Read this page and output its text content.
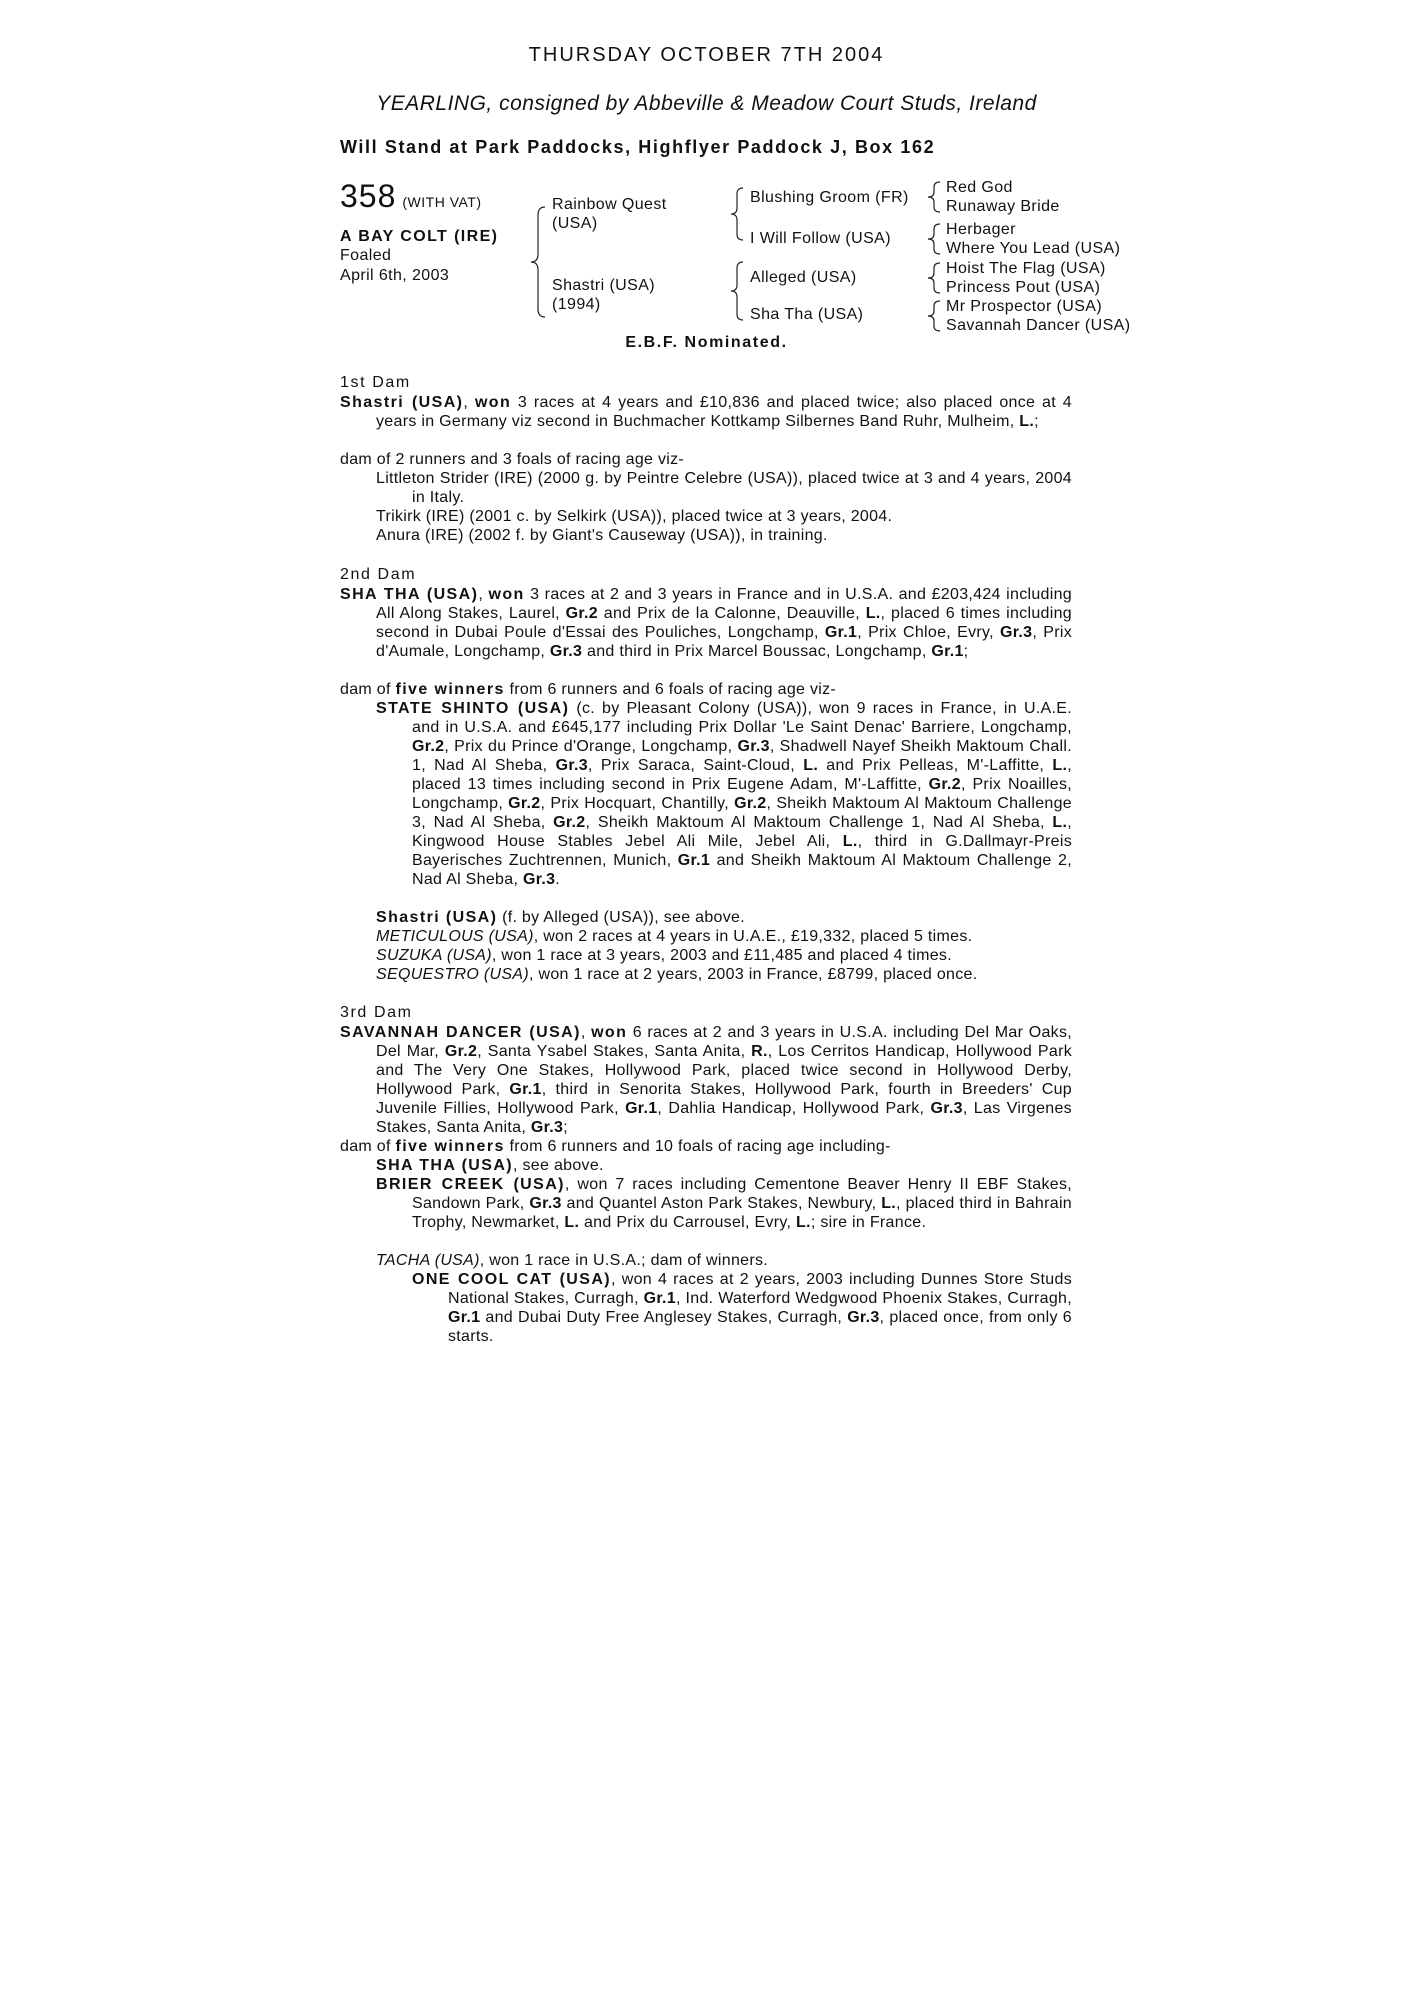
THURSDAY OCTOBER 7TH 2004
YEARLING, consigned by Abbeville & Meadow Court Studs, Ireland
Will Stand at Park Paddocks, Highflyer Paddock J, Box 162
358 (WITH VAT)
A BAY COLT (IRE)
Foaled
April 6th, 2003
Rainbow Quest
(USA)
Shastri (USA)
(1994)
Blushing Groom (FR)
I Will Follow (USA)
Alleged (USA)
Sha Tha (USA)
Red God
Runaway Bride
Herbager
Where You Lead (USA)
Hoist The Flag (USA)
Princess Pout (USA)
Mr Prospector (USA)
Savannah Dancer (USA)
E.B.F. Nominated.
1st Dam
Shastri (USA), won 3 races at 4 years and £10,836 and placed twice; also placed once at 4 years in Germany viz second in Buchmacher Kottkamp Silbernes Band Ruhr, Mulheim, L.;
dam of 2 runners and 3 foals of racing age viz-
Littleton Strider (IRE) (2000 g. by Peintre Celebre (USA)), placed twice at 3 and 4 years, 2004 in Italy.
Trikirk (IRE) (2001 c. by Selkirk (USA)), placed twice at 3 years, 2004.
Anura (IRE) (2002 f. by Giant's Causeway (USA)), in training.
2nd Dam
SHA THA (USA), won 3 races at 2 and 3 years in France and in U.S.A. and £203,424 including All Along Stakes, Laurel, Gr.2 and Prix de la Calonne, Deauville, L., placed 6 times including second in Dubai Poule d'Essai des Pouliches, Longchamp, Gr.1, Prix Chloe, Evry, Gr.3, Prix d'Aumale, Longchamp, Gr.3 and third in Prix Marcel Boussac, Longchamp, Gr.1;
dam of five winners from 6 runners and 6 foals of racing age viz-
STATE SHINTO (USA) (c. by Pleasant Colony (USA)), won 9 races in France, in U.A.E. and in U.S.A. and £645,177 including Prix Dollar 'Le Saint Denac' Barriere, Longchamp, Gr.2, Prix du Prince d'Orange, Longchamp, Gr.3, Shadwell Nayef Sheikh Maktoum Chall. 1, Nad Al Sheba, Gr.3, Prix Saraca, Saint-Cloud, L. and Prix Pelleas, M'-Laffitte, L., placed 13 times including second in Prix Eugene Adam, M'-Laffitte, Gr.2, Prix Noailles, Longchamp, Gr.2, Prix Hocquart, Chantilly, Gr.2, Sheikh Maktoum Al Maktoum Challenge 3, Nad Al Sheba, Gr.2, Sheikh Maktoum Al Maktoum Challenge 1, Nad Al Sheba, L., Kingwood House Stables Jebel Ali Mile, Jebel Ali, L., third in G.Dallmayr-Preis Bayerisches Zuchtrennen, Munich, Gr.1 and Sheikh Maktoum Al Maktoum Challenge 2, Nad Al Sheba, Gr.3.
Shastri (USA) (f. by Alleged (USA)), see above.
METICULOUS (USA), won 2 races at 4 years in U.A.E., £19,332, placed 5 times.
SUZUKA (USA), won 1 race at 3 years, 2003 and £11,485 and placed 4 times.
SEQUESTRO (USA), won 1 race at 2 years, 2003 in France, £8799, placed once.
3rd Dam
SAVANNAH DANCER (USA), won 6 races at 2 and 3 years in U.S.A. including Del Mar Oaks, Del Mar, Gr.2, Santa Ysabel Stakes, Santa Anita, R., Los Cerritos Handicap, Hollywood Park and The Very One Stakes, Hollywood Park, placed twice second in Hollywood Derby, Hollywood Park, Gr.1, third in Senorita Stakes, Hollywood Park, fourth in Breeders' Cup Juvenile Fillies, Hollywood Park, Gr.1, Dahlia Handicap, Hollywood Park, Gr.3, Las Virgenes Stakes, Santa Anita, Gr.3;
dam of five winners from 6 runners and 10 foals of racing age including-
SHA THA (USA), see above.
BRIER CREEK (USA), won 7 races including Cementone Beaver Henry II EBF Stakes, Sandown Park, Gr.3 and Quantel Aston Park Stakes, Newbury, L., placed third in Bahrain Trophy, Newmarket, L. and Prix du Carrousel, Evry, L.; sire in France.
TACHA (USA), won 1 race in U.S.A.; dam of winners.
ONE COOL CAT (USA), won 4 races at 2 years, 2003 including Dunnes Store Studs National Stakes, Curragh, Gr.1, Ind. Waterford Wedgwood Phoenix Stakes, Curragh, Gr.1 and Dubai Duty Free Anglesey Stakes, Curragh, Gr.3, placed once, from only 6 starts.
